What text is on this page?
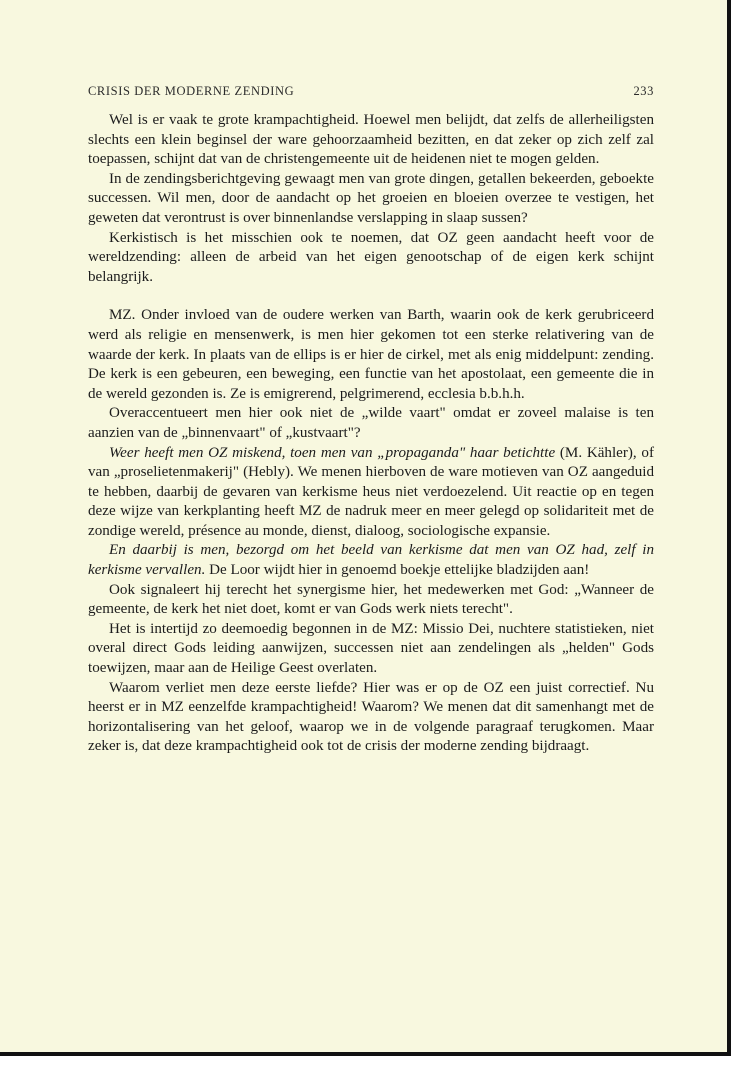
CRISIS DER MODERNE ZENDING	233

Wel is er vaak te grote krampachtigheid. Hoewel men belijdt, dat zelfs de allerheiligsten slechts een klein beginsel der ware gehoorzaamheid bezitten, en dat zeker op zich zelf zal toepassen, schijnt dat van de christengemeente uit de heidenen niet te mogen gelden.

In de zendingsberichtgeving gewaagt men van grote dingen, getallen bekeerden, geboekte successen. Wil men, door de aandacht op het groeien en bloeien overzee te vestigen, het geweten dat verontrust is over binnenlandse verslapping in slaap sussen?

Kerkistisch is het misschien ook te noemen, dat OZ geen aandacht heeft voor de wereldzending: alleen de arbeid van het eigen genootschap of de eigen kerk schijnt belangrijk.

MZ. Onder invloed van de oudere werken van Barth, waarin ook de kerk gerubriceerd werd als religie en mensenwerk, is men hier gekomen tot een sterke relativering van de waarde der kerk. In plaats van de ellips is er hier de cirkel, met als enig middelpunt: zending. De kerk is een gebeuren, een beweging, een functie van het apostolaat, een gemeente die in de wereld gezonden is. Ze is emigrerend, pelgrimerend, ecclesia b.b.h.h.

Overaccentueert men hier ook niet de „wilde vaart" omdat er zoveel malaise is ten aanzien van de „binnenvaart" of „kustvaart"?

Weer heeft men OZ miskend, toen men van „propaganda" haar betichtte (M. Kähler), of van „proselietenmakerij" (Hebly). We menen hierboven de ware motieven van OZ aangeduid te hebben, daarbij de gevaren van kerkisme heus niet verdoezelend. Uit reactie op en tegen deze wijze van kerkplanting heeft MZ de nadruk meer en meer gelegd op solidariteit met de zondige wereld, présence au monde, dienst, dialoog, sociologische expansie.

En daarbij is men, bezorgd om het beeld van kerkisme dat men van OZ had, zelf in kerkisme vervallen. De Loor wijdt hier in genoemd boekje ettelijke bladzijden aan!

Ook signaleert hij terecht het synergisme hier, het medewerken met God: „Wanneer de gemeente, de kerk het niet doet, komt er van Gods werk niets terecht".

Het is intertijd zo deemoedig begonnen in de MZ: Missio Dei, nuchtere statistieken, niet overal direct Gods leiding aanwijzen, successen niet aan zendelingen als „helden" Gods toewijzen, maar aan de Heilige Geest overlaten.

Waarom verliet men deze eerste liefde? Hier was er op de OZ een juist correctief. Nu heerst er in MZ eenzelfde krampachtigheid! Waarom? We menen dat dit samenhangt met de horizontalisering van het geloof, waarop we in de volgende paragraaf terugkomen. Maar zeker is, dat deze krampachtigheid ook tot de crisis der moderne zending bijdraagt.
